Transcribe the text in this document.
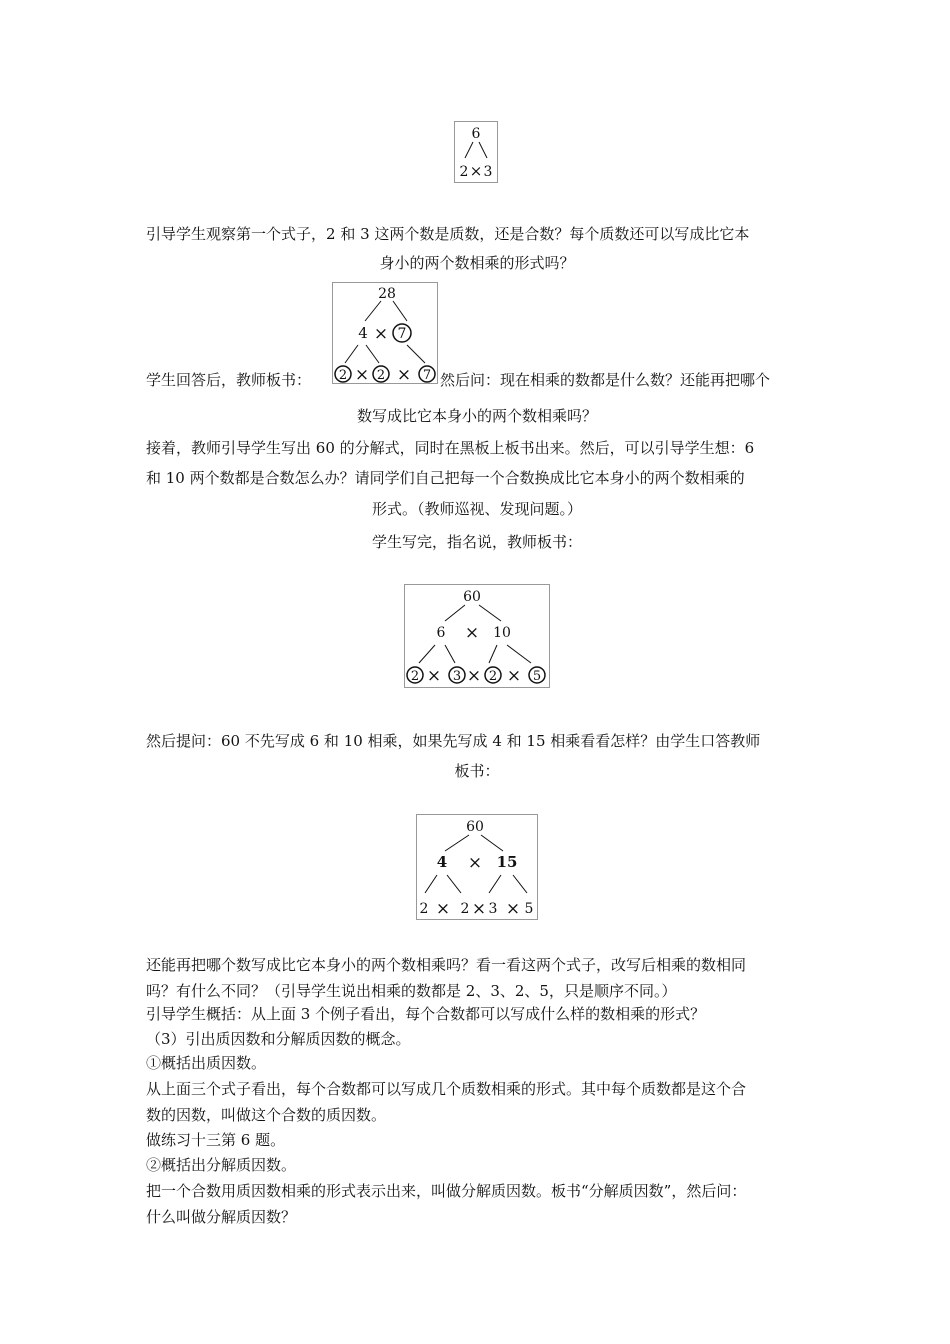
6
2 × 3

引导学生观察第一个式子，2 和 3 这两个数是质数，还是合数？每个质数还可以写成比它本

身小的两个数相乘的形式吗？

28
4 × 7
2 × 2 × 7

学生回答后，教师板书：	然后问：现在相乘的数都是什么数？还能再把哪个

数写成比它本身小的两个数相乘吗？

接着，教师引导学生写出 60 的分解式，同时在黑板上板书出来。然后，可以引导学生想：6

和 10 两个数都是合数怎么办？请同学们自己把每一个合数换成比它本身小的两个数相乘的

形式。（教师巡视、发现问题。）

学生写完，指名说，教师板书：

60
6 × 10
2 × 3 × 2 × 5

然后提问：60 不先写成 6 和 10 相乘，如果先写成 4 和 15 相乘看看怎样？由学生口答教师

板书：

60
4 × 15
2 × 2 × 3 × 5

还能再把哪个数写成比它本身小的两个数相乘吗？看一看这两个式子，改写后相乘的数相同

吗？有什么不同？（引导学生说出相乘的数都是 2、3、2、5，只是顺序不同。）

引导学生概括：从上面 3 个例子看出，每个合数都可以写成什么样的数相乘的形式？

（3）引出质因数和分解质因数的概念。

①概括出质因数。

从上面三个式子看出，每个合数都可以写成几个质数相乘的形式。其中每个质数都是这个合

数的因数，叫做这个合数的质因数。

做练习十三第 6 题。

②概括出分解质因数。

把一个合数用质因数相乘的形式表示出来，叫做分解质因数。板书“分解质因数”，然后问：

什么叫做分解质因数？
